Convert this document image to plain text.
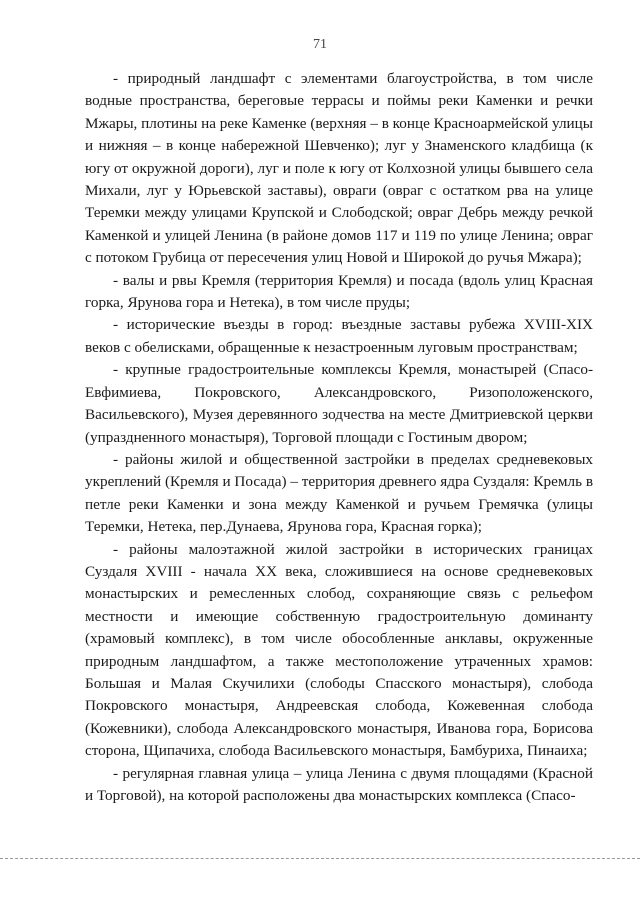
71

- природный ландшафт с элементами благоустройства, в том числе водные пространства, береговые террасы и поймы реки Каменки и речки Мжары, плотины на реке Каменке (верхняя – в конце Красноармейской улицы и нижняя – в конце набережной Шевченко); луг у Знаменского кладбища (к югу от окружной дороги), луг и поле к югу от Колхозной улицы бывшего села Михали, луг у Юрьевской заставы), овраги (овраг с остатком рва на улице Теремки между улицами Крупской и Слободской; овраг Дебрь между речкой Каменкой и улицей Ленина (в районе домов 117 и 119 по улице Ленина; овраг с потоком Грубица от пересечения улиц Новой и Широкой до ручья Мжара);

- валы и рвы Кремля (территория Кремля) и посада (вдоль улиц Красная горка, Ярунова гора и Нетека), в том числе пруды;

- исторические въезды в город: въездные заставы рубежа XVIII-XIX веков с обелисками, обращенные к незастроенным луговым пространствам;

- крупные градостроительные комплексы Кремля, монастырей (Спасо-Евфимиева, Покровского, Александровского, Ризоположенского, Васильевского), Музея деревянного зодчества на месте Дмитриевской церкви (упраздненного монастыря), Торговой площади с Гостиным двором;

- районы жилой и общественной застройки в пределах средневековых укреплений (Кремля и Посада) – территория древнего ядра Суздаля: Кремль в петле реки Каменки и зона между Каменкой и ручьем Гремячка (улицы Теремки, Нетека, пер.Дунаева, Ярунова гора, Красная горка);

- районы малоэтажной жилой застройки в исторических границах Суздаля XVIII - начала XX века, сложившиеся на основе средневековых монастырских и ремесленных слобод, сохраняющие связь с рельефом местности и имеющие собственную градостроительную доминанту (храмовый комплекс), в том числе обособленные анклавы, окруженные природным ландшафтом, а также местоположение утраченных храмов: Большая и Малая Скучилихи (слободы Спасского монастыря), слобода Покровского монастыря, Андреевская слобода, Кожевенная слобода (Кожевники), слобода Александровского монастыря, Иванова гора, Борисова сторона, Щипачиха, слобода Васильевского монастыря, Бамбуриха, Пинаиха;

- регулярная главная улица – улица Ленина с двумя площадями (Красной и Торговой), на которой расположены два монастырских комплекса (Спасо-
